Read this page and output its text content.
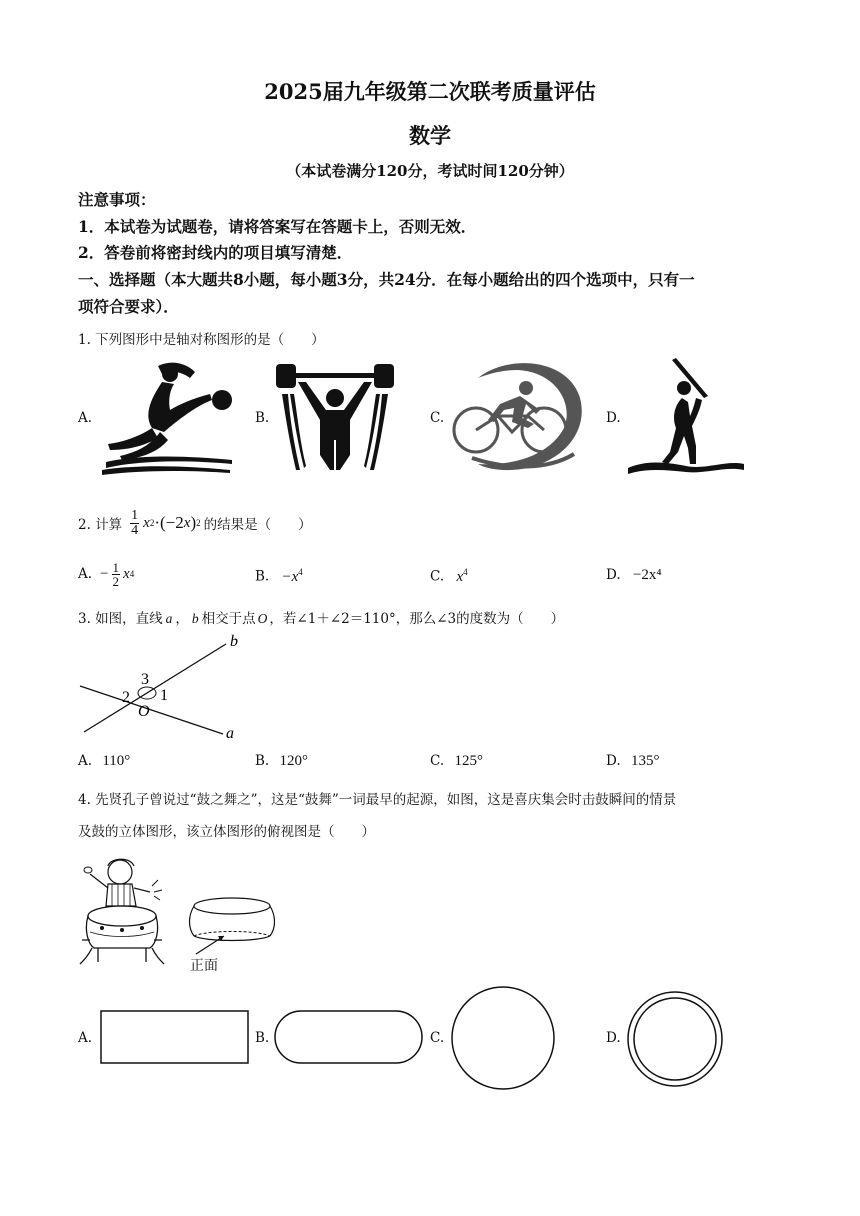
2025届九年级第二次联考质量评估
数学
（本试卷满分120分，考试时间120分钟）
注意事项：
1．本试卷为试题卷，请将答案写在答题卡上，否则无效．
2．答卷前将密封线内的项目填写清楚．
一、选择题（本大题共8小题，每小题3分，共24分．在每小题给出的四个选项中，只有一
项符合要求）．
1. 下列图形中是轴对称图形的是（　　）
A.	B.	C.	D.
2. 计算 $\frac{1}{4}$ x 2 ·(−2 x ) 2 的结果是（　　）
A. − $\frac{1}{2}$ x 4	B. $-x^4$	C. $x^4$	D. −2x⁴
3. 如图，直线 a ， b 相交于点 O ，若∠1＋∠2＝110°，那么∠3的度数为（　　）
b
a
O
1
2
3
A. 110°	B. 120°	C. 125°	D. 135°
4. 先贤孔子曾说过“鼓之舞之”，这是“鼓舞”一词最早的起源，如图，这是喜庆集会时击鼓瞬间的情景
及鼓的立体图形，该立体图形的俯视图是（　　）
正面
A.	B.	C.	D.
